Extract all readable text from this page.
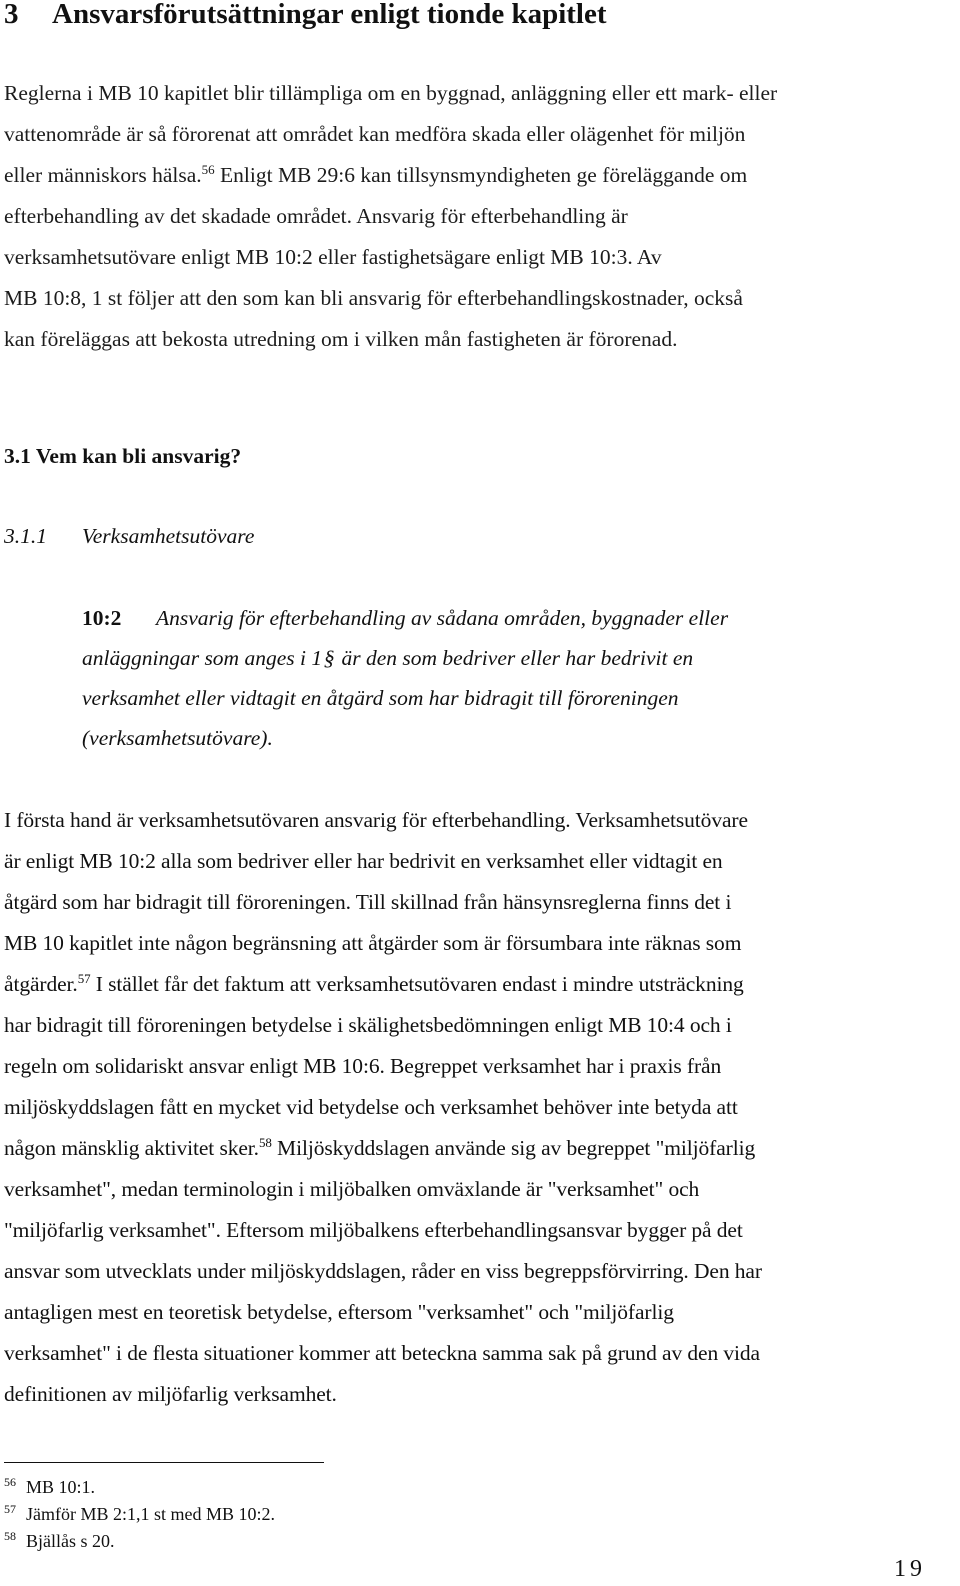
3 Ansvarsförutsättningar enligt tionde kapitlet

Reglerna i MB 10 kapitlet blir tillämpliga om en byggnad, anläggning eller ett mark- eller
vattenområde är så förorenat att området kan medföra skada eller olägenhet för miljön
eller människors hälsa.$^{56}$ Enligt MB 29:6 kan tillsynsmyndigheten ge föreläggande om
efterbehandling av det skadade området. Ansvarig för efterbehandling är
verksamhetsutövare enligt MB 10:2 eller fastighetsägare enligt MB 10:3. Av
MB 10:8, 1 st följer att den som kan bli ansvarig för efterbehandlingskostnader, också
kan föreläggas att bekosta utredning om i vilken mån fastigheten är förorenad.

3.1 Vem kan bli ansvarig?
3.1.1 Verksamhetsutövare
10:2 Ansvarig för efterbehandling av sådana områden, byggnader eller
anläggningar som anges i 1§ är den som bedriver eller har bedrivit en
verksamhet eller vidtagit en åtgärd som har bidragit till föroreningen
(verksamhetsutövare).

I första hand är verksamhetsutövaren ansvarig för efterbehandling. Verksamhetsutövare
är enligt MB 10:2 alla som bedriver eller har bedrivit en verksamhet eller vidtagit en
åtgärd som har bidragit till föroreningen. Till skillnad från hänsynsreglerna finns det i
MB 10 kapitlet inte någon begränsning att åtgärder som är försumbara inte räknas som
åtgärder.$^{57}$ I stället får det faktum att verksamhetsutövaren endast i mindre utsträckning
har bidragit till föroreningen betydelse i skälighetsbedömningen enligt MB 10:4 och i
regeln om solidariskt ansvar enligt MB 10:6. Begreppet verksamhet har i praxis från
miljöskyddslagen fått en mycket vid betydelse och verksamhet behöver inte betyda att
någon mänsklig aktivitet sker.$^{58}$ Miljöskyddslagen använde sig av begreppet "miljöfarlig
verksamhet", medan terminologin i miljöbalken omväxlande är "verksamhet" och
"miljöfarlig verksamhet". Eftersom miljöbalkens efterbehandlingsansvar bygger på det
ansvar som utvecklats under miljöskyddslagen, råder en viss begreppsförvirring. Den har
antagligen mest en teoretisk betydelse, eftersom "verksamhet" och "miljöfarlig
verksamhet" i de flesta situationer kommer att beteckna samma sak på grund av den vida
definitionen av miljöfarlig verksamhet.

56 MB 10:1.
57 Jämför MB 2:1,1 st med MB 10:2.
58 Bjällås s 20.
19
